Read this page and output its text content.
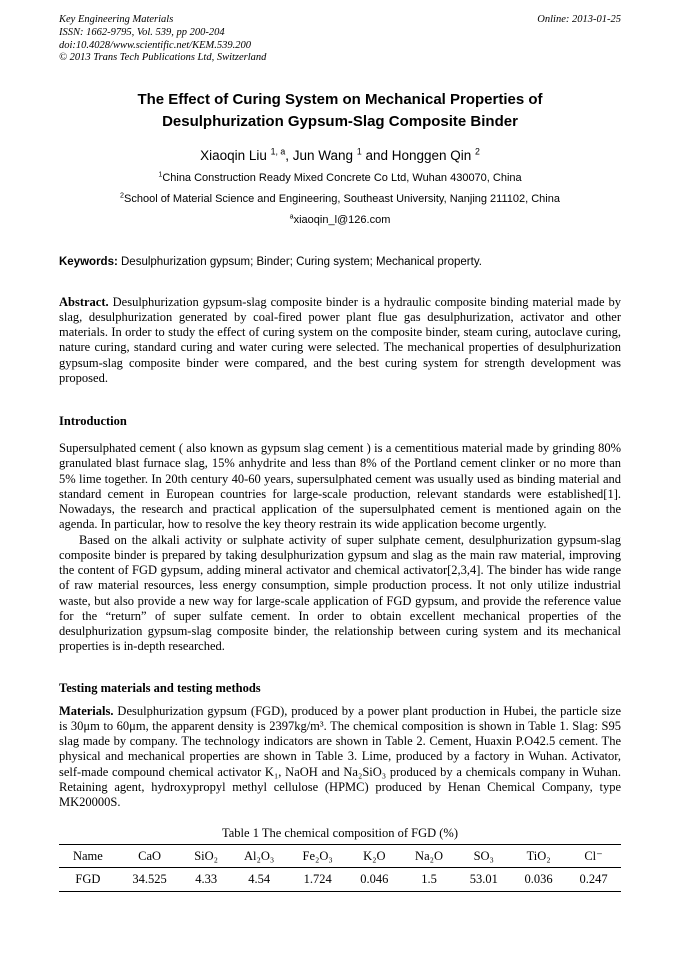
Key Engineering Materials	Online: 2013-01-25
ISSN: 1662-9795, Vol. 539, pp 200-204
doi:10.4028/www.scientific.net/KEM.539.200
© 2013 Trans Tech Publications Ltd, Switzerland
The Effect of Curing System on Mechanical Properties of Desulphurization Gypsum-Slag Composite Binder
Xiaoqin Liu $^{1, a}$, Jun Wang $^1$ and Honggen Qin $^2$
$^1$China Construction Ready Mixed Concrete Co Ltd, Wuhan 430070, China
$^2$School of Material Science and Engineering, Southeast University, Nanjing 211102, China
$^a$xiaoqin_l@126.com
Keywords: Desulphurization gypsum; Binder; Curing system; Mechanical property.

Abstract. Desulphurization gypsum-slag composite binder is a hydraulic composite binding material made by slag, desulphurization generated by coal-fired power plant flue gas desulphurization, activator and other materials. In order to study the effect of curing system on the composite binder, steam curing, autoclave curing, nature curing, standard curing and water curing were selected. The mechanical properties of desulphurization gypsum-slag composite binder were compared, and the best curing system for strength development was proposed.

Introduction

Supersulphated cement ( also known as gypsum slag cement ) is a cementitious material made by grinding 80% granulated blast furnace slag, 15% anhydrite and less than 8% of the Portland cement clinker or no more than 5% lime together. In 20th century 40-60 years, supersulphated cement was usually used as binding material and standard cement in European countries for large-scale production, relevant standards were established[1]. Nowadays, the research and practical application of the supersulphated cement is mentioned again on the agenda. In particular, how to resolve the key theory restrain its wide application become urgently.

Based on the alkali activity or sulphate activity of super sulphate cement, desulphurization gypsum-slag composite binder is prepared by taking desulphurization gypsum and slag as the main raw material, improving the content of FGD gypsum, adding mineral activator and chemical activator[2,3,4]. The binder has wide range of raw material resources, less energy consumption, simple production process. It not only utilize industrial waste, but also provide a new way for large-scale application of FGD gypsum, and provide the reference value for the “return” of super sulfate cement. In order to obtain excellent mechanical properties of the desulphurization gypsum-slag composite binder, the relationship between curing system and its mechanical properties is in-depth researched.

Testing materials and testing methods

Materials. Desulphurization gypsum (FGD), produced by a power plant production in Hubei, the particle size is 30μm to 60μm, the apparent density is 2397kg/m³. The chemical composition is shown in Table 1. Slag: S95 slag made by company. The technology indicators are shown in Table 2. Cement, Huaxin P.O42.5 cement. The physical and mechanical properties are shown in Table 3. Lime, produced by a factory in Wuhan. Activator, self-made compound chemical activator K₁, NaOH and Na₂SiO₃ produced by a chemicals company in Wuhan. Retaining agent, hydroxypropyl methyl cellulose (HPMC) produced by Henan Chemical Company, type MK20000S.

Table 1 The chemical composition of FGD (%)
Name	CaO	SiO₂	Al₂O₃	Fe₂O₃	K₂O	Na₂O	SO₃	TiO₂	Cl⁻
FGD	34.525	4.33	4.54	1.724	0.046	1.5	53.01	0.036	0.247
